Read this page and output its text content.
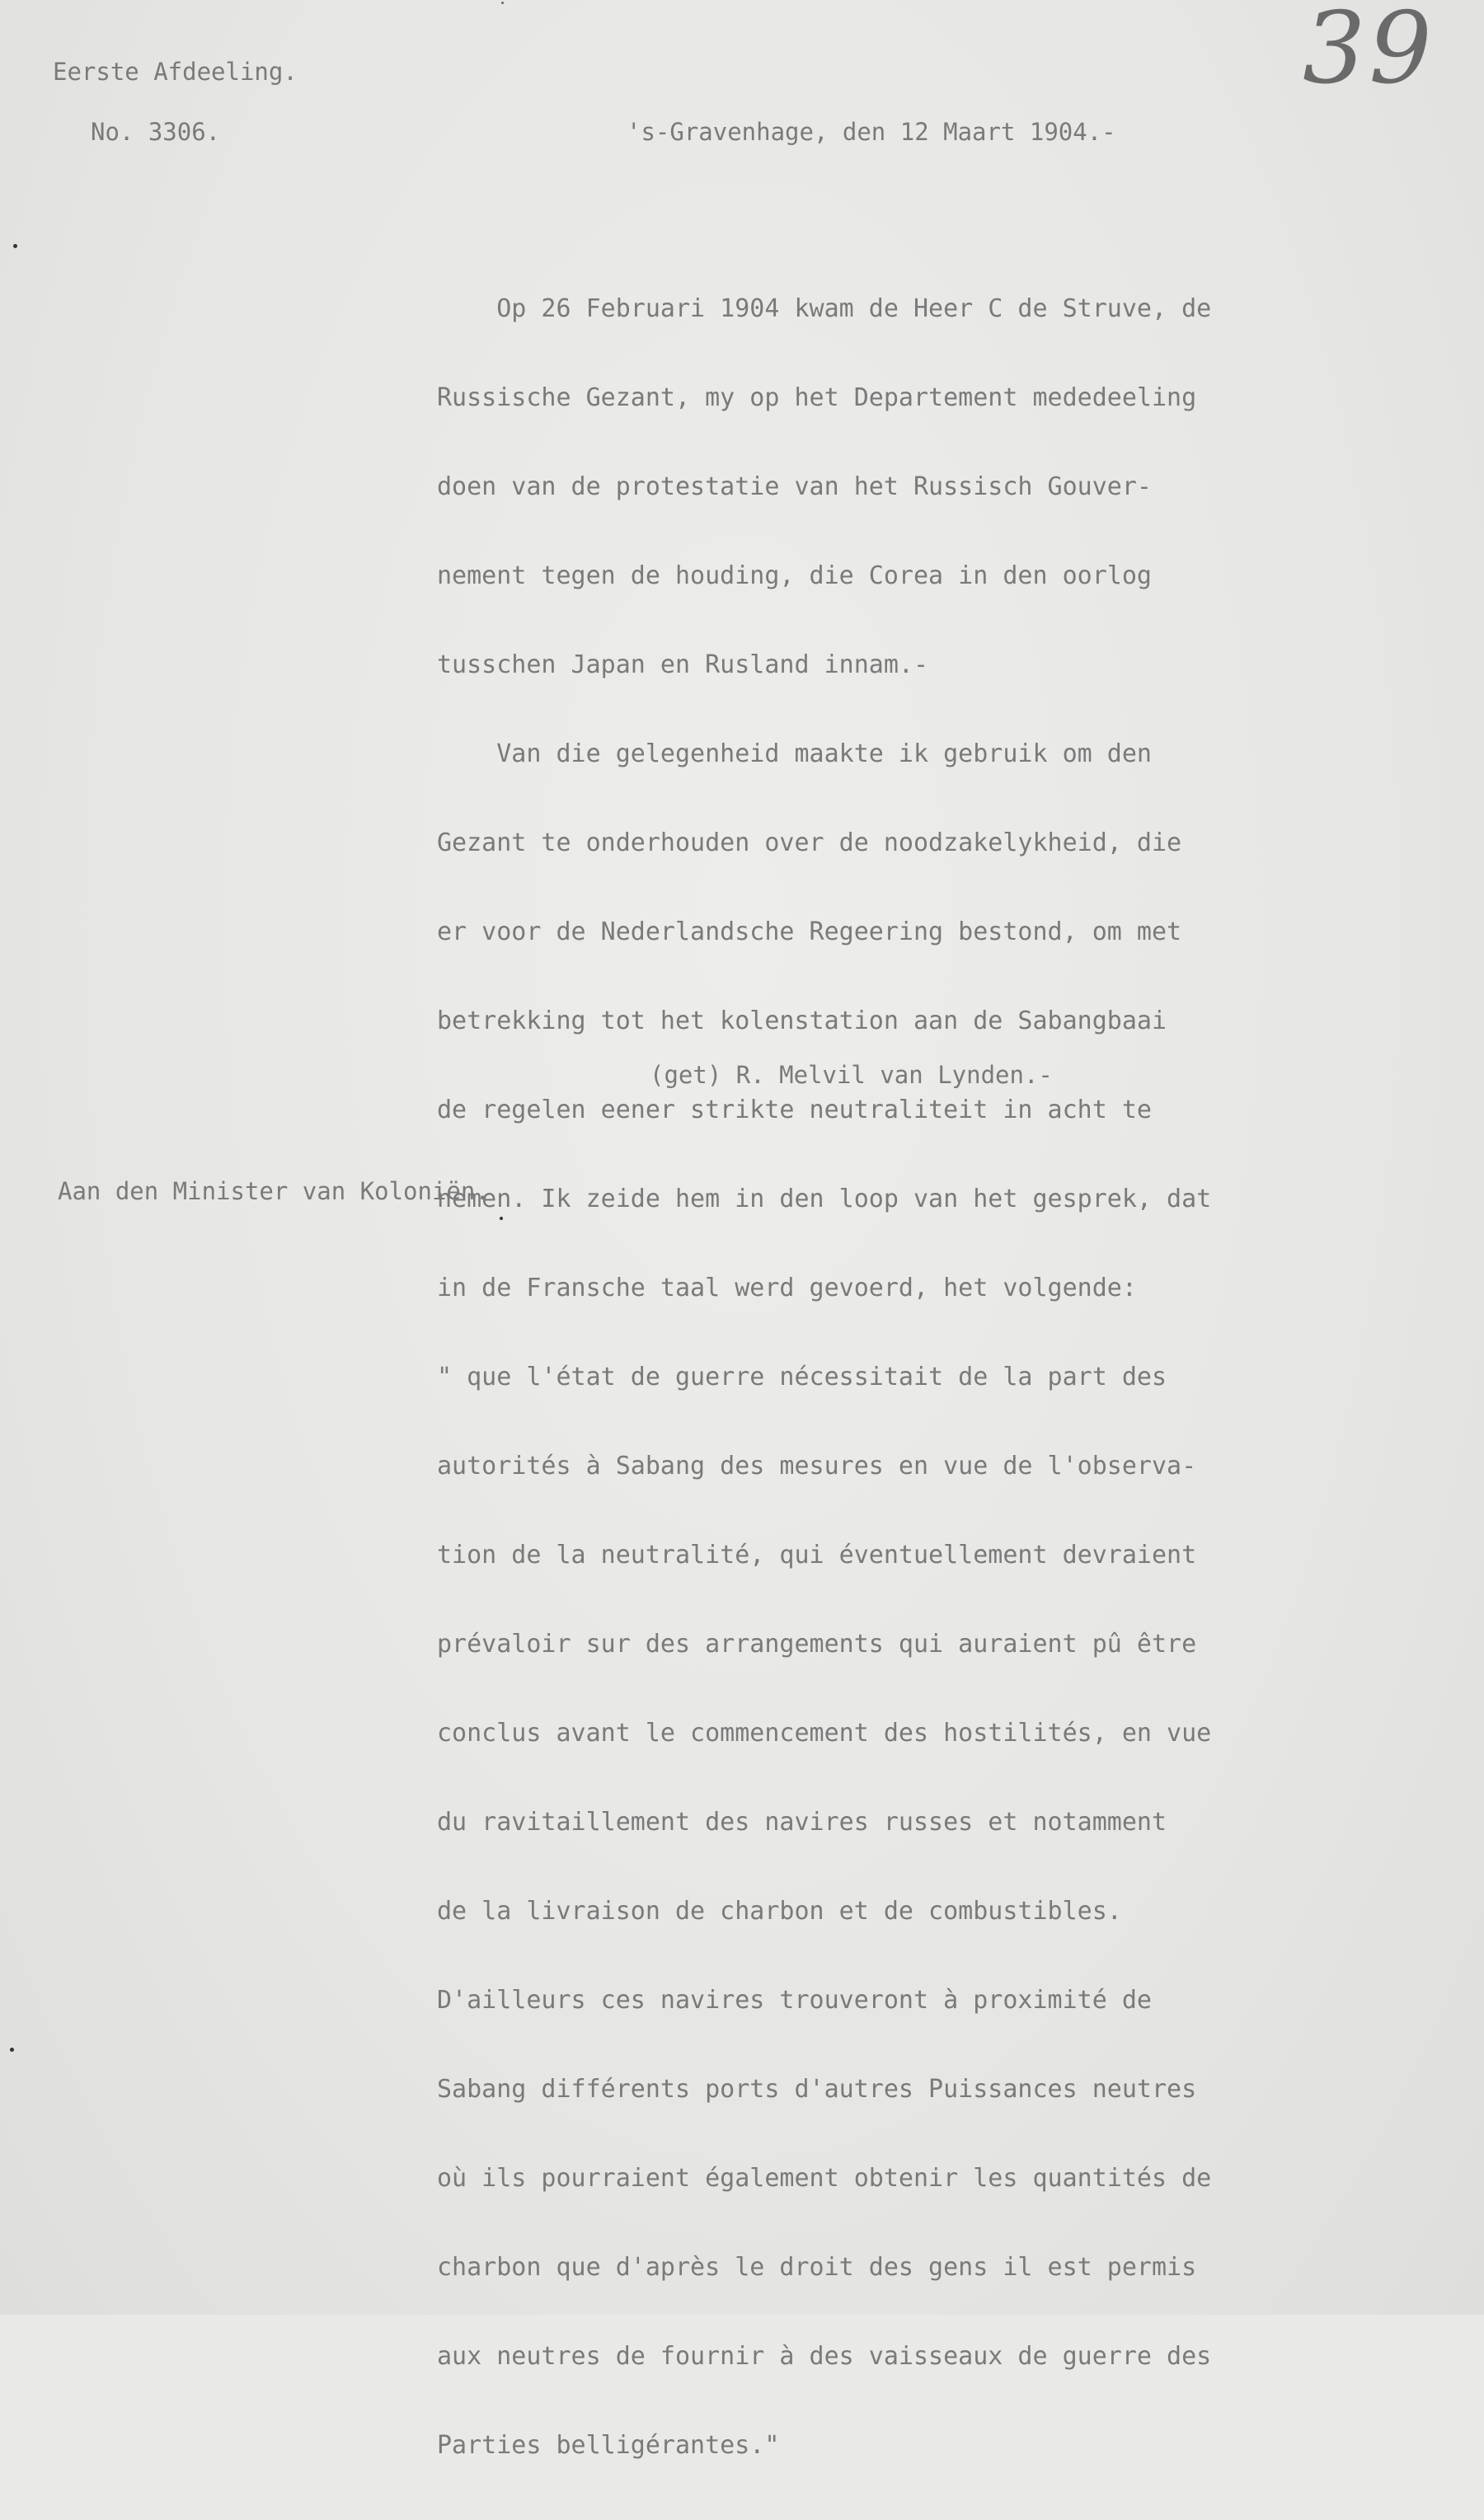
Eerste Afdeeling.

No. 3306.	's-Gravenhage, den 12 Maart 1904.-

39

Op 26 Februari 1904 kwam de Heer C de Struve, de

Russische Gezant, my op het Departement mededeeling

doen van de protestatie van het Russisch Gouver-

nement tegen de houding, die Corea in den oorlog

tusschen Japan en Rusland innam.-

Van die gelegenheid maakte ik gebruik om den

Gezant te onderhouden over de noodzakelykheid, die

er voor de Nederlandsche Regeering bestond, om met

betrekking tot het kolenstation aan de Sabangbaai

de regelen eener strikte neutraliteit in acht te

nemen. Ik zeide hem in den loop van het gesprek, dat

in de Fransche taal werd gevoerd, het volgende:

" que l'état de guerre nécessitait de la part des

autorités à Sabang des mesures en vue de l'observa-

tion de la neutralité, qui éventuellement devraient

prévaloir sur des arrangements qui auraient pû être

conclus avant le commencement des hostilités, en vue

du ravitaillement des navires russes et notamment

de la livraison de charbon et de combustibles.

D'ailleurs ces navires trouveront à proximité de

Sabang différents ports d'autres Puissances neutres

où ils pourraient également obtenir les quantités de

charbon que d'après le droit des gens il est permis

aux neutres de fournir à des vaisseaux de guerre des

Parties belligérantes."

(get) R. Melvil van Lynden.-

Aan den Minister van Koloniën.
